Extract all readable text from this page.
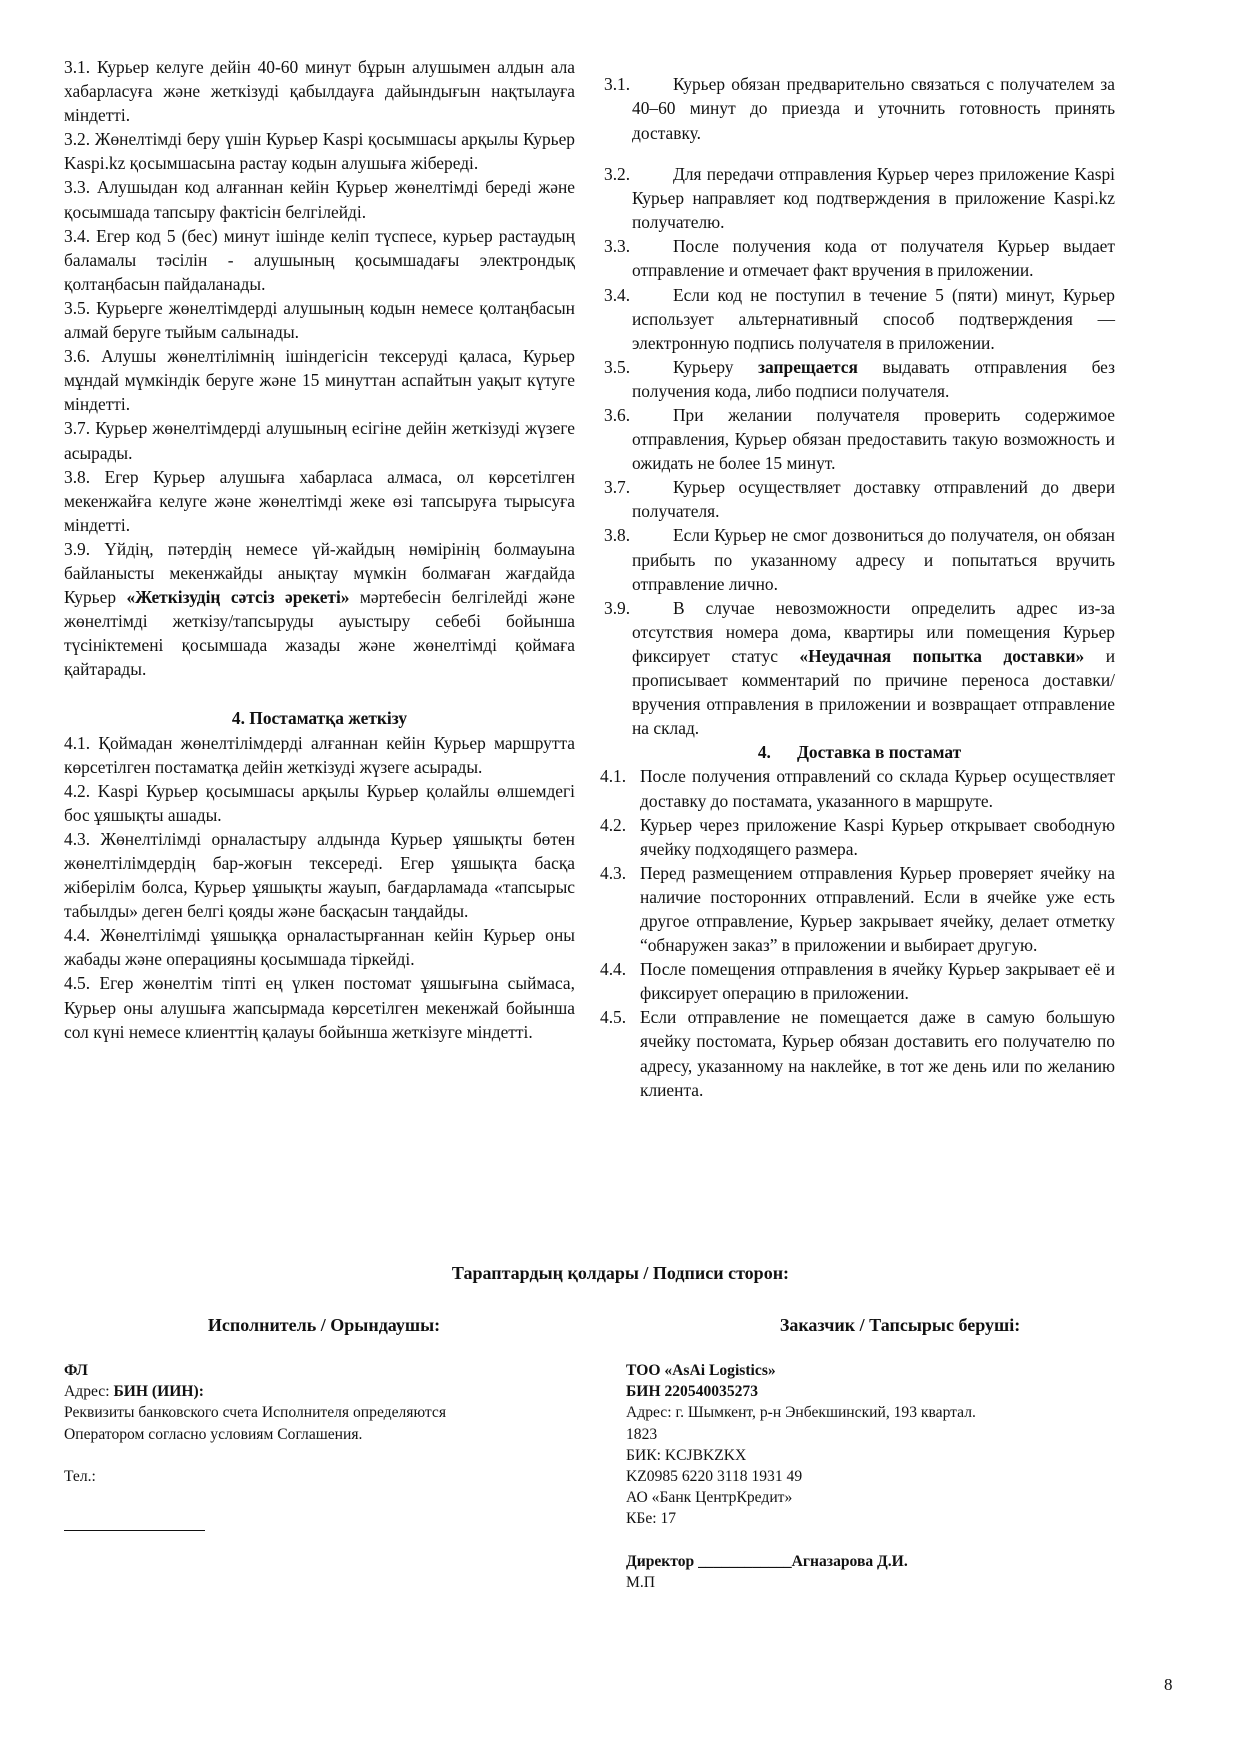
3.1. Курьер келуге дейін 40-60 минут бұрын алушымен алдын ала хабарласуға және жеткізуді қабылдауға дайындығын нақтылауға міндетті.

3.2. Жөнелтімді беру үшін Курьер Kaspi қосымшасы арқылы Курьер Kaspi.kz қосымшасына растау кодын алушыға жібереді.

3.3. Алушыдан код алғаннан кейін Курьер жөнелтімді береді және қосымшада тапсыру фактісін белгілейді.

3.4. Егер код 5 (бес) минут ішінде келіп түспесе, курьер растаудың баламалы тәсілін - алушының қосымшадағы электрондық қолтаңбасын пайдаланады.

3.5. Курьерге жөнелтімдерді алушының кодын немесе қолтаңбасын алмай беруге тыйым салынады.

3.6. Алушы жөнелтілімнің ішіндегісін тексеруді қаласа, Курьер мұндай мүмкіндік беруге және 15 минуттан аспайтын уақыт күтуге міндетті.

3.7. Курьер жөнелтімдерді алушының есігіне дейін жеткізуді жүзеге асырады.

3.8. Егер Курьер алушыға хабарласа алмаса, ол көрсетілген мекенжайға келуге және жөнелтімді жеке өзі тапсыруға тырысуға міндетті.

3.9. Үйдің, пәтердің немесе үй-жайдың нөмірінің болмауына байланысты мекенжайды анықтау мүмкін болмаған жағдайда Курьер «Жеткізудің сәтсіз әрекеті» мәртебесін белгілейді және жөнелтімді жеткізу/тапсыруды ауыстыру себебі бойынша түсініктемені қосымшада жазады және жөнелтімді қоймаға қайтарады.

4. Постаматқа жеткізу

4.1. Қоймадан жөнелтілімдерді алғаннан кейін Курьер маршрутта көрсетілген постаматқа дейін жеткізуді жүзеге асырады.

4.2. Kaspi Курьер қосымшасы арқылы Курьер қолайлы өлшемдегі бос ұяшықты ашады.

4.3. Жөнелтілімді орналастыру алдында Курьер ұяшықты бөтен жөнелтілімдердің бар-жоғын тексереді. Егер ұяшықта басқа жіберілім болса, Курьер ұяшықты жауып, бағдарламада «тапсырыс табылды» деген белгі қояды және басқасын таңдайды.

4.4. Жөнелтілімді ұяшыққа орналастырғаннан кейін Курьер оны жабады және операцияны қосымшада тіркейді.

4.5. Егер жөнелтім тіпті ең үлкен постомат ұяшығына сыймаса, Курьер оны алушыға жапсырмада көрсетілген мекенжай бойынша сол күні немесе клиенттің қалауы бойынша жеткізуге міндетті.

3.1. Курьер обязан предварительно связаться с получателем за 40–60 минут до приезда и уточнить готовность принять доставку.

3.2. Для передачи отправления Курьер через приложение Kaspi Курьер направляет код подтверждения в приложение Kaspi.kz получателю.

3.3. После получения кода от получателя Курьер выдает отправление и отмечает факт вручения в приложении.

3.4. Если код не поступил в течение 5 (пяти) минут, Курьер использует альтернативный способ подтверждения — электронную подпись получателя в приложении.

3.5. Курьеру запрещается выдавать отправления без получения кода, либо подписи получателя.

3.6. При желании получателя проверить содержимое отправления, Курьер обязан предоставить такую возможность и ожидать не более 15 минут.

3.7. Курьер осуществляет доставку отправлений до двери получателя.

3.8. Если Курьер не смог дозвониться до получателя, он обязан прибыть по указанному адресу и попытаться вручить отправление лично.

3.9. В случае невозможности определить адрес из-за отсутствия номера дома, квартиры или помещения Курьер фиксирует статус «Неудачная попытка доставки» и прописывает комментарий по причине переноса доставки/вручения отправления в приложении и возвращает отправление на склад.

4.      Доставка в постамат

4.1. После получения отправлений со склада Курьер осуществляет доставку до постамата, указанного в маршруте.

4.2. Курьер через приложение Kaspi Курьер открывает свободную ячейку подходящего размера.

4.3. Перед размещением отправления Курьер проверяет ячейку на наличие посторонних отправлений. Если в ячейке уже есть другое отправление, Курьер закрывает ячейку, делает отметку “обнаружен заказ” в приложении и выбирает другую.

4.4. После помещения отправления в ячейку Курьер закрывает её и фиксирует операцию в приложении.

4.5. Если отправление не помещается даже в самую большую ячейку постомата, Курьер обязан доставить его получателю по адресу, указанному на наклейке, в тот же день или по желанию клиента.

Тараптардың қолдары / Подписи сторон:
Исполнитель / Орындаушы:	Заказчик / Тапсырыс беруші:
ФЛ
Адрес: БИН (ИИН):
Реквизиты банковского счета Исполнителя определяются
Оператором согласно условиям Соглашения.
Тел.:
ТОО «AsAi Logistics»
БИН 220540035273
Адрес: г. Шымкент, р-н Энбекшинский, 193 квартал.
1823
БИК: KCJBKZKX
KZ0985 6220 3118 1931 49
АО «Банк ЦентрКредит»
КБе: 17
Директор ____________Агназарова Д.И.
М.П
8
